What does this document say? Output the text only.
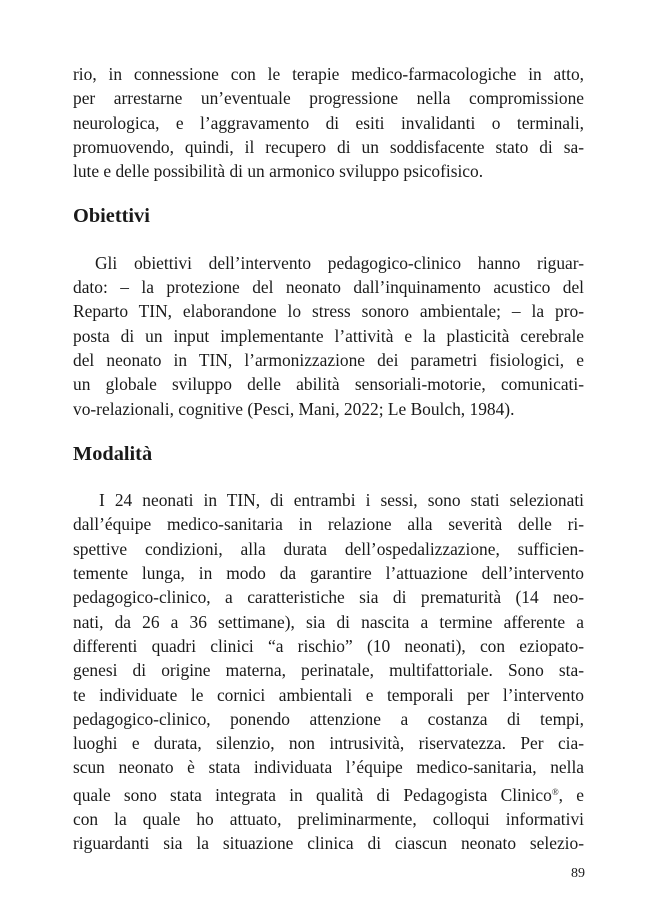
rio, in connessione con le terapie medico-farmacologiche in atto,
per arrestarne un’eventuale progressione nella compromissione
neurologica, e l’aggravamento di esiti invalidanti o terminali,
promuovendo, quindi, il recupero di un soddisfacente stato di sa-
lute e delle possibilità di un armonico sviluppo psicofisico.
Obiettivi
Gli obiettivi dell’intervento pedagogico-clinico hanno riguar-
dato: – la protezione del neonato dall’inquinamento acustico del
Reparto TIN, elaborandone lo stress sonoro ambientale; – la pro-
posta di un input implementante l’attività e la plasticità cerebrale
del neonato in TIN, l’armonizzazione dei parametri fisiologici, e
un globale sviluppo delle abilità sensoriali-motorie, comunicati-
vo-relazionali, cognitive (Pesci, Mani, 2022; Le Boulch, 1984).
Modalità
I 24 neonati in TIN, di entrambi i sessi, sono stati selezionati
dall’équipe medico-sanitaria in relazione alla severità delle ri-
spettive condizioni, alla durata dell’ospedalizzazione, sufficien-
temente lunga, in modo da garantire l’attuazione dell’intervento
pedagogico-clinico, a caratteristiche sia di prematurità (14 neo-
nati, da 26 a 36 settimane), sia di nascita a termine afferente a
differenti quadri clinici “a rischio” (10 neonati), con eziopato-
genesi di origine materna, perinatale, multifattoriale. Sono sta-
te individuate le cornici ambientali e temporali per l’intervento
pedagogico-clinico, ponendo attenzione a costanza di tempi,
luoghi e durata, silenzio, non intrusività, riservatezza. Per cia-
scun neonato è stata individuata l’équipe medico-sanitaria, nella
quale sono stata integrata in qualità di Pedagogista Clinico®, e
con la quale ho attuato, preliminarmente, colloqui informativi
riguardanti sia la situazione clinica di ciascun neonato selezio-
89
